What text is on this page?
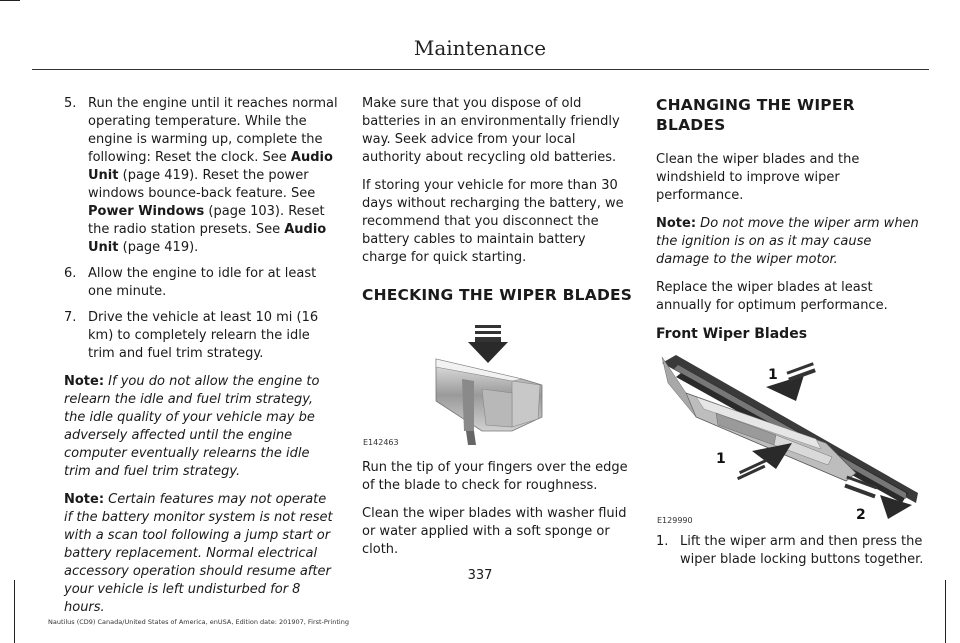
Maintenance
5. Run the engine until it reaches normal operating temperature. While the engine is warming up, complete the following: Reset the clock. See Audio Unit (page 419). Reset the power windows bounce-back feature. See Power Windows (page 103). Reset the radio station presets. See Audio Unit (page 419).
6. Allow the engine to idle for at least one minute.
7. Drive the vehicle at least 10 mi (16 km) to completely relearn the idle trim and fuel trim strategy.

Note: If you do not allow the engine to relearn the idle and fuel trim strategy, the idle quality of your vehicle may be adversely affected until the engine computer eventually relearns the idle trim and fuel trim strategy.

Note: Certain features may not operate if the battery monitor system is not reset with a scan tool following a jump start or battery replacement. Normal electrical accessory operation should resume after your vehicle is left undisturbed for 8 hours.

Make sure that you dispose of old batteries in an environmentally friendly way. Seek advice from your local authority about recycling old batteries.

If storing your vehicle for more than 30 days without recharging the battery, we recommend that you disconnect the battery cables to maintain battery charge for quick starting.

CHECKING THE WIPER BLADES
E142463

Run the tip of your fingers over the edge of the blade to check for roughness.

Clean the wiper blades with washer fluid or water applied with a soft sponge or cloth.

CHANGING THE WIPER BLADES

Clean the wiper blades and the windshield to improve wiper performance.

Note: Do not move the wiper arm when the ignition is on as it may cause damage to the wiper motor.

Replace the wiper blades at least annually for optimum performance.

Front Wiper Blades
1
1
2
E129990
1. Lift the wiper arm and then press the wiper blade locking buttons together.
337
Nautilus (CD9) Canada/United States of America, enUSA, Edition date: 201907, First-Printing
